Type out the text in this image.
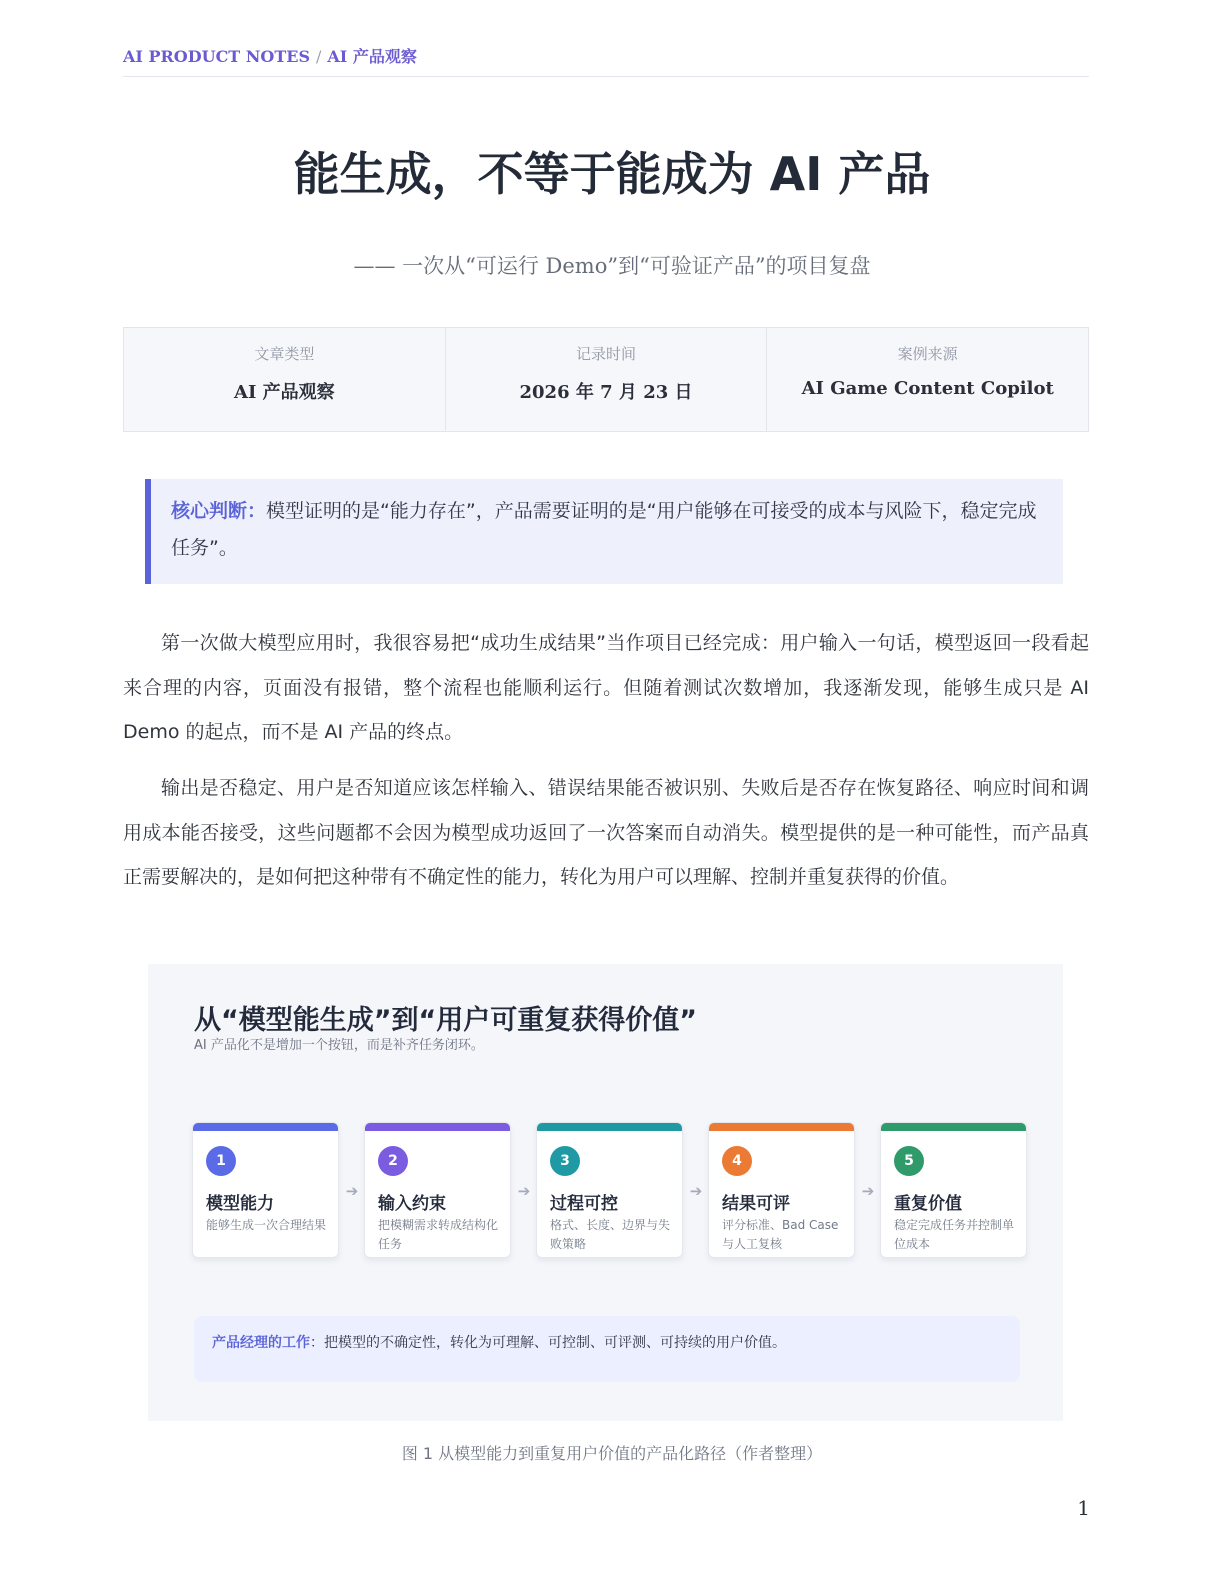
AI PRODUCT NOTES / AI 产品观察
能生成，不等于能成为 AI 产品
—— 一次从“可运行 Demo”到“可验证产品”的项目复盘
文章类型
AI 产品观察
记录时间
2026 年 7 月 23 日
案例来源
AI Game Content Copilot
核心判断：模型证明的是“能力存在”，产品需要证明的是“用户能够在可接受的成本与风险下，稳定完成任务”。

第一次做大模型应用时，我很容易把“成功生成结果”当作项目已经完成：用户输入一句话，模型返回一段看起来合理的内容，页面没有报错，整个流程也能顺利运行。但随着测试次数增加，我逐渐发现，能够生成只是 AI Demo 的起点，而不是 AI 产品的终点。

输出是否稳定、用户是否知道应该怎样输入、错误结果能否被识别、失败后是否存在恢复路径、响应时间和调用成本能否接受，这些问题都不会因为模型成功返回了一次答案而自动消失。模型提供的是一种可能性，而产品真正需要解决的，是如何把这种带有不确定性的能力，转化为用户可以理解、控制并重复获得的价值。

从“模型能生成”到“用户可重复获得价值”
AI 产品化不是增加一个按钮，而是补齐任务闭环。
1
模型能力
能够生成一次合理结果
➔
2
输入约束
把模糊需求转成结构化任务
➔
3
过程可控
格式、长度、边界与失败策略
➔
4
结果可评
评分标准、Bad Case 与人工复核
➔
5
重复价值
稳定完成任务并控制单位成本
产品经理的工作：把模型的不确定性，转化为可理解、可控制、可评测、可持续的用户价值。
图 1 从模型能力到重复用户价值的产品化路径（作者整理）
1
